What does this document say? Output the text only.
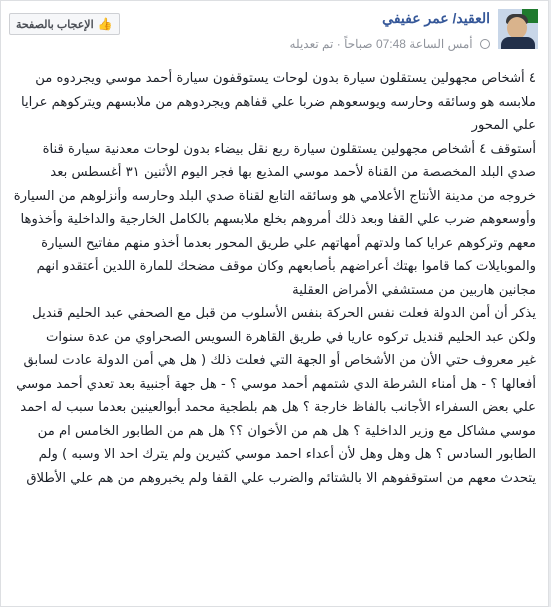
العقيد/ عمر عفيفي
أمس الساعة 07:48 صباحاً · تم تعديله
👍
الإعجاب بالصفحة

٤ أشخاص مجهولين يستقلون سيارة بدون لوحات يستوقفون سيارة أحمد موسي ويجردوه من ملابسه هو وسائقه وحارسه ويوسعوهم ضربا علي قفاهم ويجردوهم من ملابسهم ويتركوهم عرايا علي المحور

أستوقف ٤ أشخاص مجهولين يستقلون سيارة ربع نقل بيضاء بدون لوحات معدنية سيارة قناة صدي البلد المخصصة من القناة لأحمد موسي المذيع بها فجر اليوم الأثنين ٣١ أغسطس بعد خروجه من مدينة الأنتاج الأعلامي هو وسائقه التابع لقناة صدي البلد وحارسه وأنزلوهم من السيارة وأوسعوهم ضرب علي القفا وبعد ذلك أمروهم بخلع ملابسهم بالكامل الخارجية والداخلية وأخذوها معهم وتركوهم عرايا كما ولدتهم أمهاتهم علي طريق المحور بعدما أخذو منهم مفاتيح السيارة والموبايلات كما قاموا بهتك أعراضهم بأصابعهم وكان موقف مضحك للمارة اللدين أعتقدو انهم مجانين هاربين من مستشفي الأمراض العقلية

يذكر أن أمن الدولة فعلت نفس الحركة بنفس الأسلوب من قبل مع الصحفي عبد الحليم قنديل ولكن عبد الحليم قنديل تركوه عاريا في طريق القاهرة السويس الصحراوي من عدة سنوات

غير معروف حتي الأن من الأشخاص أو الجهة التي فعلت ذلك ( هل هي أمن الدولة عادت لسابق أفعالها ؟ - هل أمناء الشرطة الدي شتمهم أحمد موسي ؟ - هل جهة أجنبية بعد تعدي أحمد موسي علي بعض السفراء الأجانب بالفاظ خارجة ؟ هل هم بلطجية محمد أبوالعينين بعدما سبب له احمد موسي مشاكل مع وزير الداخلية ؟ هل هم من الأخوان ؟؟ هل هم من الطابور الخامس ام من الطابور السادس ؟ هل وهل وهل لأن أعداء احمد موسي كثيرين ولم يترك احد الا وسبه ) ولم يتحدث معهم من استوقفوهم الا بالشتائم والضرب علي القفا ولم يخبروهم من هم علي الأطلاق
